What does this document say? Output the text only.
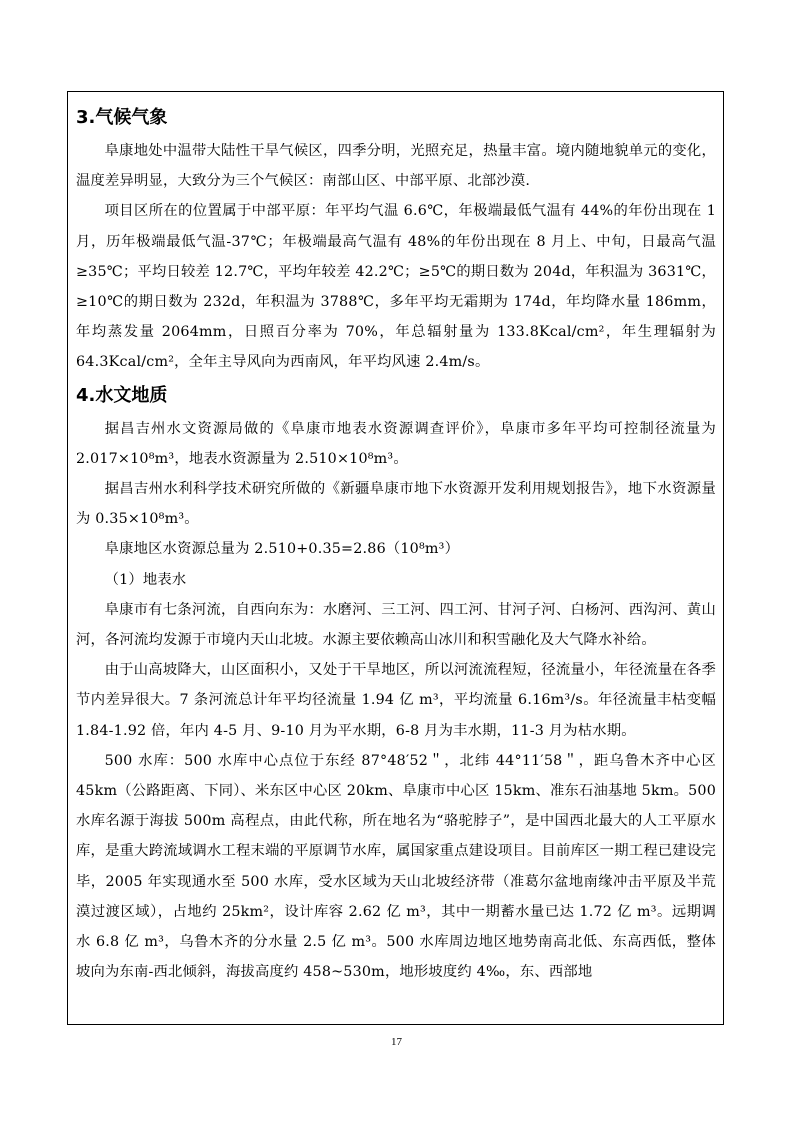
3.气候气象

阜康地处中温带大陆性干旱气候区，四季分明，光照充足，热量丰富。境内随地貌单元的变化，温度差异明显，大致分为三个气候区：南部山区、中部平原、北部沙漠.

项目区所在的位置属于中部平原：年平均气温 6.6℃，年极端最低气温有 44%的年份出现在 1 月，历年极端最低气温-37℃；年极端最高气温有 48%的年份出现在 8 月上、中旬，日最高气温≥35℃；平均日较差 12.7℃，平均年较差 42.2℃；≥5℃的期日数为 204d，年积温为 3631℃，≥10℃的期日数为 232d，年积温为 3788℃，多年平均无霜期为 174d，年均降水量 186mm，年均蒸发量 2064mm，日照百分率为 70%，年总辐射量为 133.8Kcal/cm²，年生理辐射为 64.3Kcal/cm²，全年主导风向为西南风，年平均风速 2.4m/s。

4.水文地质

据昌吉州水文资源局做的《阜康市地表水资源调查评价》，阜康市多年平均可控制径流量为 2.017×10⁸m³，地表水资源量为 2.510×10⁸m³。

据昌吉州水利科学技术研究所做的《新疆阜康市地下水资源开发利用规划报告》，地下水资源量为 0.35×10⁸m³。

阜康地区水资源总量为 2.510+0.35=2.86（10⁸m³）

（1）地表水

阜康市有七条河流，自西向东为：水磨河、三工河、四工河、甘河子河、白杨河、西沟河、黄山河，各河流均发源于市境内天山北坡。水源主要依赖高山冰川和积雪融化及大气降水补给。

由于山高坡降大，山区面积小，又处于干旱地区，所以河流流程短，径流量小，年径流量在各季节内差异很大。7 条河流总计年平均径流量 1.94 亿 m³，平均流量 6.16m³/s。年径流量丰枯变幅 1.84-1.92 倍，年内 4-5 月、9-10 月为平水期，6-8 月为丰水期，11-3 月为枯水期。

500 水库：500 水库中心点位于东经 87°48′52＂，北纬 44°11′58＂，距乌鲁木齐中心区 45km（公路距离、下同）、米东区中心区 20km、阜康市中心区 15km、准东石油基地 5km。500 水库名源于海拔 500m 高程点，由此代称，所在地名为“骆驼脖子”，是中国西北最大的人工平原水库，是重大跨流域调水工程末端的平原调节水库，属国家重点建设项目。目前库区一期工程已建设完毕，2005 年实现通水至 500 水库，受水区域为天山北坡经济带（准葛尔盆地南缘冲击平原及半荒漠过渡区域），占地约 25km²，设计库容 2.62 亿 m³，其中一期蓄水量已达 1.72 亿 m³。远期调水 6.8 亿 m³，乌鲁木齐的分水量 2.5 亿 m³。500 水库周边地区地势南高北低、东高西低，整体坡向为东南-西北倾斜，海拔高度约 458~530m，地形坡度约 4‰，东、西部地

17
